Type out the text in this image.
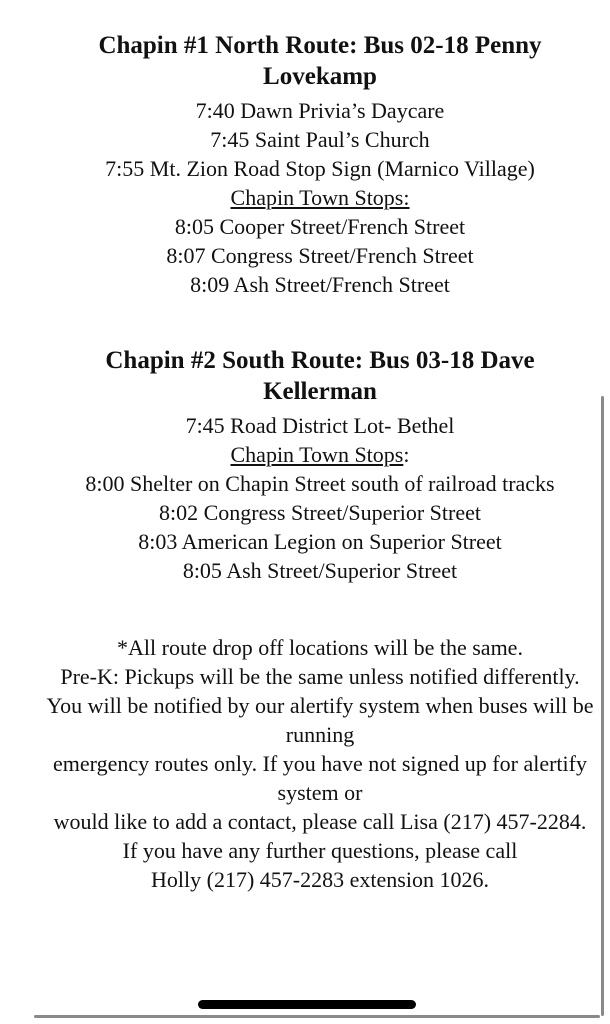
Chapin #1 North Route: Bus 02-18 Penny Lovekamp

7:40 Dawn Privia’s Daycare

7:45 Saint Paul’s Church

7:55 Mt. Zion Road Stop Sign (Marnico Village)

Chapin Town Stops:

8:05 Cooper Street/French Street

8:07 Congress Street/French Street

8:09 Ash Street/French Street

Chapin #2 South Route: Bus 03-18 Dave Kellerman

7:45 Road District Lot- Bethel

Chapin Town Stops:

8:00 Shelter on Chapin Street south of railroad tracks

8:02 Congress Street/Superior Street

8:03 American Legion on Superior Street

8:05 Ash Street/Superior Street

*All route drop off locations will be the same.

Pre-K: Pickups will be the same unless notified differently.

You will be notified by our alertify system when buses will be running

emergency routes only. If you have not signed up for alertify system or

would like to add a contact, please call Lisa (217) 457-2284.

If you have any further questions, please call

Holly (217) 457-2283 extension 1026.
